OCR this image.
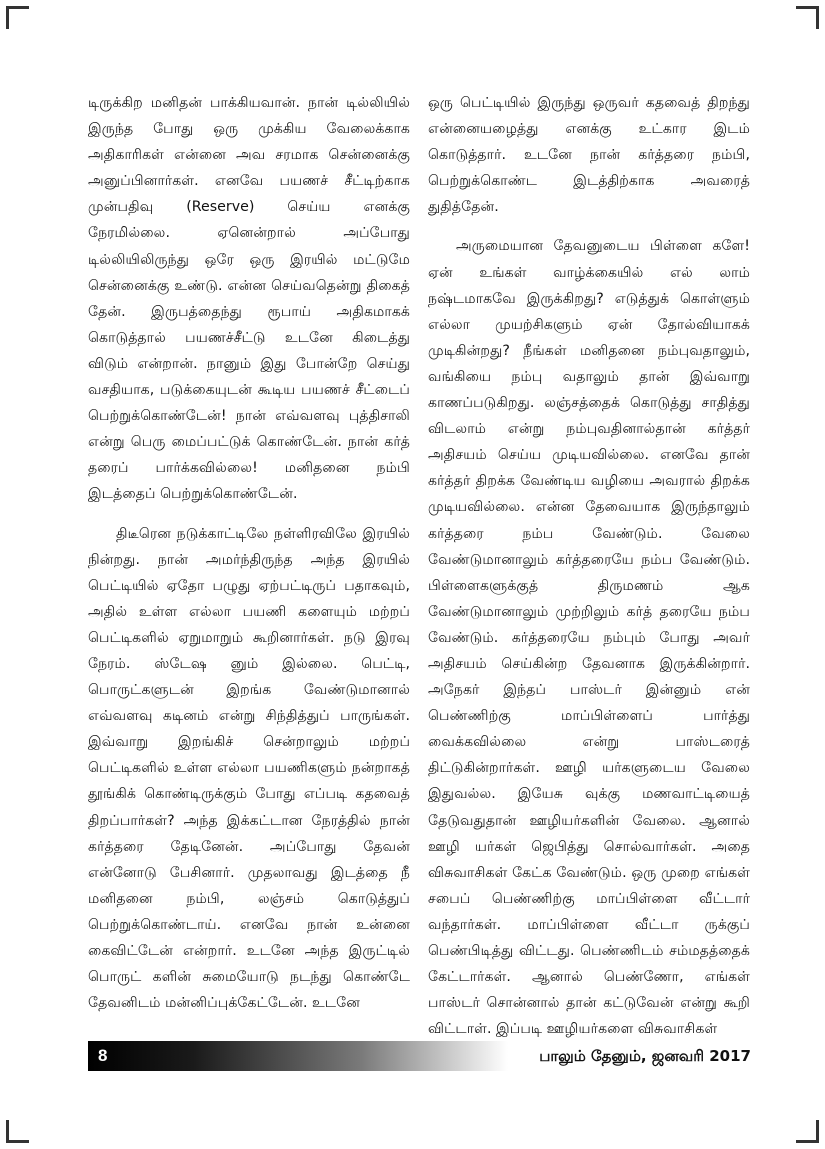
டிருக்கிற மனிதன் பாக்கியவான். நான் டில்லியில் இருந்த போது ஒரு முக்கிய வேலைக்காக அதிகாரிகள் என்னை அவ சரமாக சென்னைக்கு அனுப்பினார்கள். எனவே பயணச் சீட்டிற்காக முன்பதிவு (Reserve) செய்ய எனக்கு நேரமில்லை. ஏனென்றால் அப்போது டில்லியிலிருந்து ஒரே ஒரு இரயில் மட்டுமே சென்னைக்கு உண்டு. என்ன செய்வதென்று திகைத் தேன். இருபத்தைந்து ரூபாய் அதிகமாகக் கொடுத்தால் பயணச்சீட்டு உடனே கிடைத்து விடும் என்றான். நானும் இது போன்றே செய்து வசதியாக, படுக்கையுடன் கூடிய பயணச் சீட்டைப் பெற்றுக்கொண்டேன்! நான் எவ்வளவு புத்திசாலி என்று பெரு மைப்பட்டுக் கொண்டேன். நான் கர்த் தரைப் பார்க்கவில்லை! மனிதனை நம்பி இடத்தைப் பெற்றுக்கொண்டேன்.

திடீரென நடுக்காட்டிலே நள்ளிரவிலே இரயில் நின்றது. நான் அமர்ந்திருந்த அந்த இரயில் பெட்டியில் ஏதோ பழுது ஏற்பட்டிருப் பதாகவும், அதில் உள்ள எல்லா பயணி களையும் மற்றப் பெட்டிகளில் ஏறுமாறும் கூறினார்கள். நடு இரவு நேரம். ஸ்டேஷ னும் இல்லை. பெட்டி, பொருட்களுடன் இறங்க வேண்டுமானால் எவ்வளவு கடினம் என்று சிந்தித்துப் பாருங்கள். இவ்வாறு இறங்கிச் சென்றாலும் மற்றப் பெட்டிகளில் உள்ள எல்லா பயணிகளும் நன்றாகத் தூங்கிக் கொண்டிருக்கும் போது எப்படி கதவைத் திறப்பார்கள்? அந்த இக்கட்டான நேரத்தில் நான் கர்த்தரை தேடினேன். அப்போது தேவன் என்னோடு பேசினார். முதலாவது இடத்தை நீ மனிதனை நம்பி, லஞ்சம் கொடுத்துப் பெற்றுக்கொண்டாய். எனவே நான் உன்னை கைவிட்டேன் என்றார். உடனே அந்த இருட்டில் பொருட் களின் சுமையோடு நடந்து கொண்டே தேவனிடம் மன்னிப்புக்கேட்டேன். உடனே

ஒரு பெட்டியில் இருந்து ஒருவர் கதவைத் திறந்து என்னையழைத்து எனக்கு உட்கார இடம் கொடுத்தார். உடனே நான் கர்த்தரை நம்பி, பெற்றுக்கொண்ட இடத்திற்காக அவரைத் துதித்தேன்.

அருமையான தேவனுடைய பிள்ளை களே! ஏன் உங்கள் வாழ்க்கையில் எல் லாம் நஷ்டமாகவே இருக்கிறது? எடுத்துக் கொள்ளும் எல்லா முயற்சிகளும் ஏன் தோல்வியாகக் முடிகின்றது? நீங்கள் மனிதனை நம்புவதாலும், வங்கியை நம்பு வதாலும் தான் இவ்வாறு காணப்படுகிறது. லஞ்சத்தைக் கொடுத்து சாதித்து விடலாம் என்று நம்புவதினால்தான் கர்த்தர் அதிசயம் செய்ய முடியவில்லை. எனவே தான் கர்த்தர் திறக்க வேண்டிய வழியை அவரால் திறக்க முடியவில்லை. என்ன தேவையாக இருந்தாலும் கர்த்தரை நம்ப வேண்டும். வேலை வேண்டுமானாலும் கர்த்தரையே நம்ப வேண்டும். பிள்ளைகளுக்குத் திருமணம் ஆக வேண்டுமானாலும் முற்றிலும் கர்த் தரையே நம்ப வேண்டும். கர்த்தரையே நம்பும் போது அவர் அதிசயம் செய்கின்ற தேவனாக இருக்கின்றார். அநேகர் இந்தப் பாஸ்டர் இன்னும் என் பெண்ணிற்கு மாப்பிள்ளைப் பார்த்து வைக்கவில்லை என்று பாஸ்டரைத் திட்டுகின்றார்கள். ஊழி யர்களுடைய வேலை இதுவல்ல. இயேசு வுக்கு மணவாட்டியைத் தேடுவதுதான் ஊழியர்களின் வேலை. ஆனால் ஊழி யர்கள் ஜெபித்து சொல்வார்கள். அதை விசுவாசிகள் கேட்க வேண்டும். ஒரு முறை எங்கள் சபைப் பெண்ணிற்கு மாப்பிள்ளை வீட்டார் வந்தார்கள். மாப்பிள்ளை வீட்டா ருக்குப் பெண்பிடித்து விட்டது. பெண்ணிடம் சம்மதத்தைக் கேட்டார்கள். ஆனால் பெண்ணோ, எங்கள் பாஸ்டர் சொன்னால் தான் கட்டுவேன் என்று கூறி விட்டாள். இப்படி ஊழியர்களை விசுவாசிகள்

8	பாலும் தேனும், ஜனவரி 2017
